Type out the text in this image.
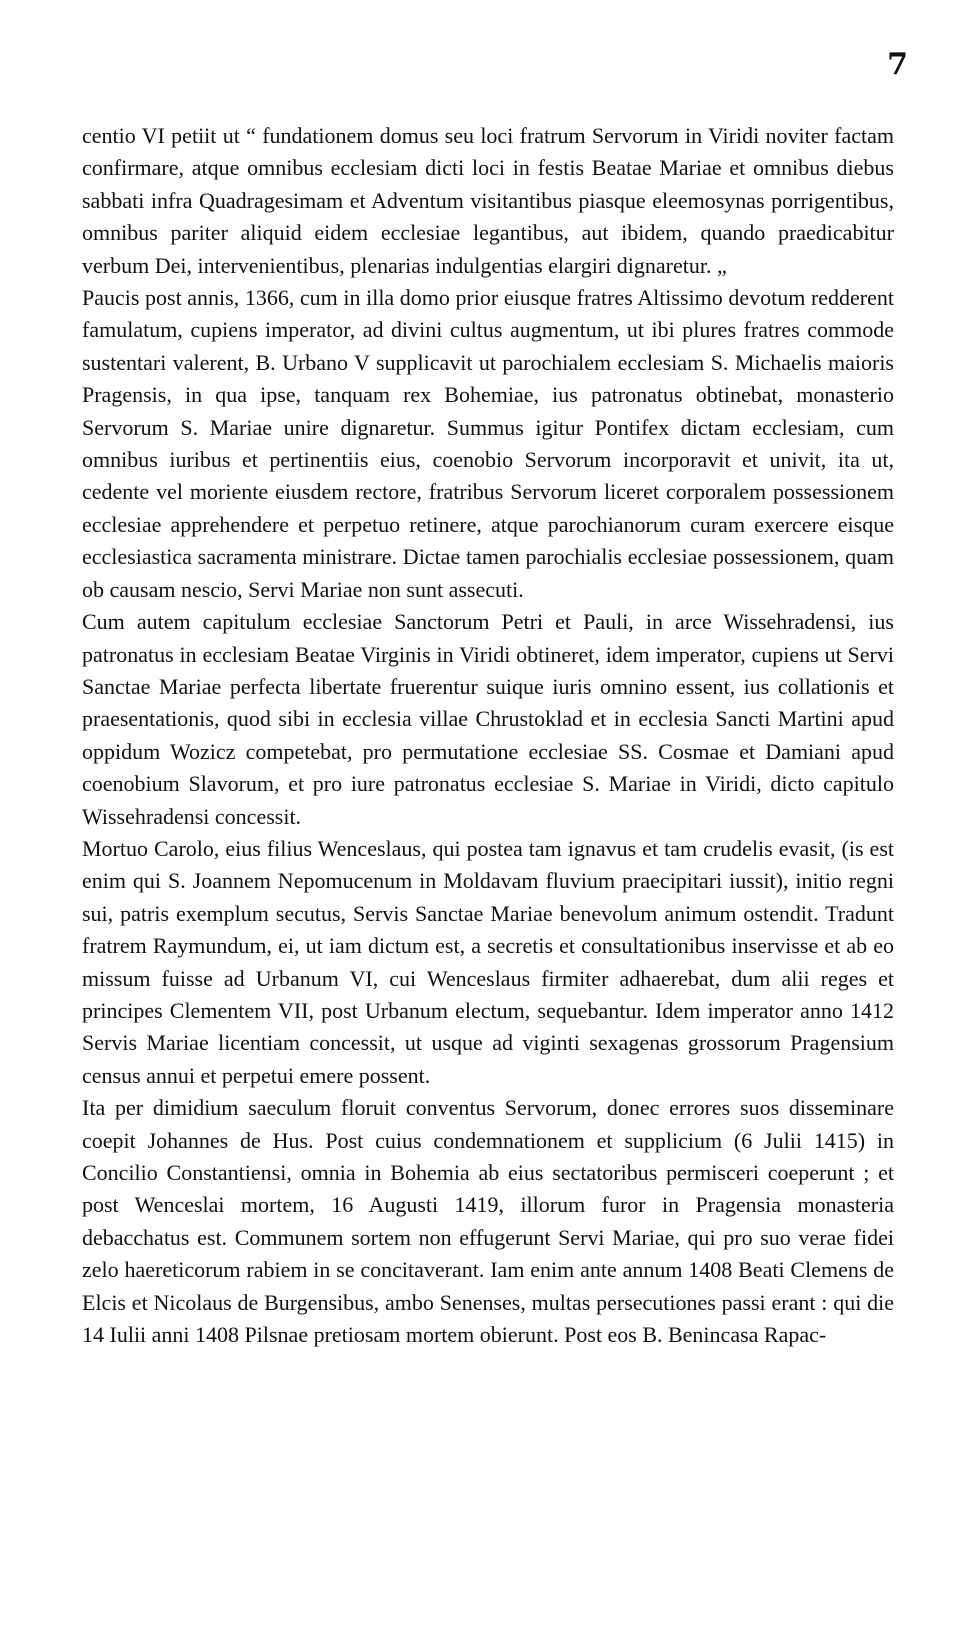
7

centio VI petiit ut “ fundationem domus seu loci fratrum Servorum in Viridi noviter factam confirmare, atque omnibus ecclesiam dicti loci in festis Beatae Mariae et omnibus diebus sabbati infra Quadragesimam et Adventum visitantibus piasque eleemosynas porrigentibus, omnibus pariter aliquid eidem ecclesiae legantibus, aut ibidem, quando praedicabitur verbum Dei, intervenientibus, plenarias indulgentias elargiri dignaretur. „

Paucis post annis, 1366, cum in illa domo prior eiusque fratres Altissimo devotum redderent famulatum, cupiens imperator, ad divini cultus augmentum, ut ibi plures fratres commode sustentari valerent, B. Urbano V supplicavit ut parochialem ecclesiam S. Michaelis maioris Pragensis, in qua ipse, tanquam rex Bohemiae, ius patronatus obtinebat, monasterio Servorum S. Mariae unire dignaretur. Summus igitur Pontifex dictam ecclesiam, cum omnibus iuribus et pertinentiis eius, coenobio Servorum incorporavit et univit, ita ut, cedente vel moriente eiusdem rectore, fratribus Servorum liceret corporalem possessionem ecclesiae apprehendere et perpetuo retinere, atque parochianorum curam exercere eisque ecclesiastica sacramenta ministrare. Dictae tamen parochialis ecclesiae possessionem, quam ob causam nescio, Servi Mariae non sunt assecuti.

Cum autem capitulum ecclesiae Sanctorum Petri et Pauli, in arce Wissehradensi, ius patronatus in ecclesiam Beatae Virginis in Viridi obtineret, idem imperator, cupiens ut Servi Sanctae Mariae perfecta libertate fruerentur suique iuris omnino essent, ius collationis et praesentationis, quod sibi in ecclesia villae Chrustoklad et in ecclesia Sancti Martini apud oppidum Wozicz competebat, pro permutatione ecclesiae SS. Cosmae et Damiani apud coenobium Slavorum, et pro iure patronatus ecclesiae S. Mariae in Viridi, dicto capitulo Wissehradensi concessit.

Mortuo Carolo, eius filius Wenceslaus, qui postea tam ignavus et tam crudelis evasit, (is est enim qui S. Joannem Nepomucenum in Moldavam fluvium praecipitari iussit), initio regni sui, patris exemplum secutus, Servis Sanctae Mariae benevolum animum ostendit. Tradunt fratrem Raymundum, ei, ut iam dictum est, a secretis et consultationibus inservisse et ab eo missum fuisse ad Urbanum VI, cui Wenceslaus firmiter adhaerebat, dum alii reges et principes Clementem VII, post Urbanum electum, sequebantur. Idem imperator anno 1412 Servis Mariae licentiam concessit, ut usque ad viginti sexagenas grossorum Pragensium census annui et perpetui emere possent.

Ita per dimidium saeculum floruit conventus Servorum, donec errores suos disseminare coepit Johannes de Hus. Post cuius condemnationem et supplicium (6 Julii 1415) in Concilio Constantiensi, omnia in Bohemia ab eius sectatoribus permisceri coeperunt ; et post Wenceslai mortem, 16 Augusti 1419, illorum furor in Pragensia monasteria debacchatus est. Communem sortem non effugerunt Servi Mariae, qui pro suo verae fidei zelo haereticorum rabiem in se concitaverant. Iam enim ante annum 1408 Beati Clemens de Elcis et Nicolaus de Burgensibus, ambo Senenses, multas persecutiones passi erant : qui die 14 Iulii anni 1408 Pilsnae pretiosam mortem obierunt. Post eos B. Benincasa Rapac-
